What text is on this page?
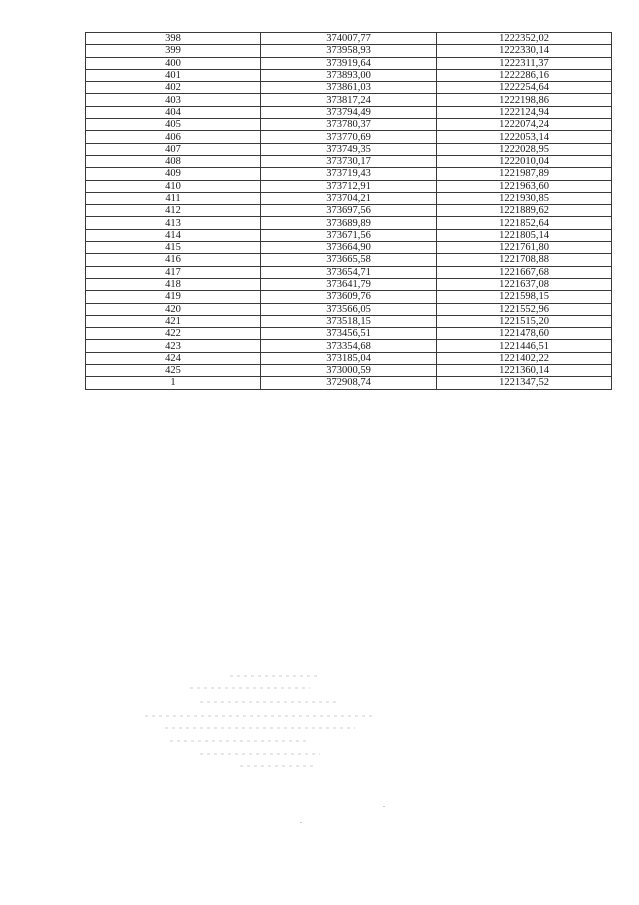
398	374007,77	1222352,02
399	373958,93	1222330,14
400	373919,64	1222311,37
401	373893,00	1222286,16
402	373861,03	1222254,64
403	373817,24	1222198,86
404	373794,49	1222124,94
405	373780,37	1222074,24
406	373770,69	1222053,14
407	373749,35	1222028,95
408	373730,17	1222010,04
409	373719,43	1221987,89
410	373712,91	1221963,60
411	373704,21	1221930,85
412	373697,56	1221889,62
413	373689,89	1221852,64
414	373671,56	1221805,14
415	373664,90	1221761,80
416	373665,58	1221708,88
417	373654,71	1221667,68
418	373641,79	1221637,08
419	373609,76	1221598,15
420	373566,05	1221552,96
421	373518,15	1221515,20
422	373456,51	1221478,60
423	373354,68	1221446,51
424	373185,04	1221402,22
425	373000,59	1221360,14
1	372908,74	1221347,52
